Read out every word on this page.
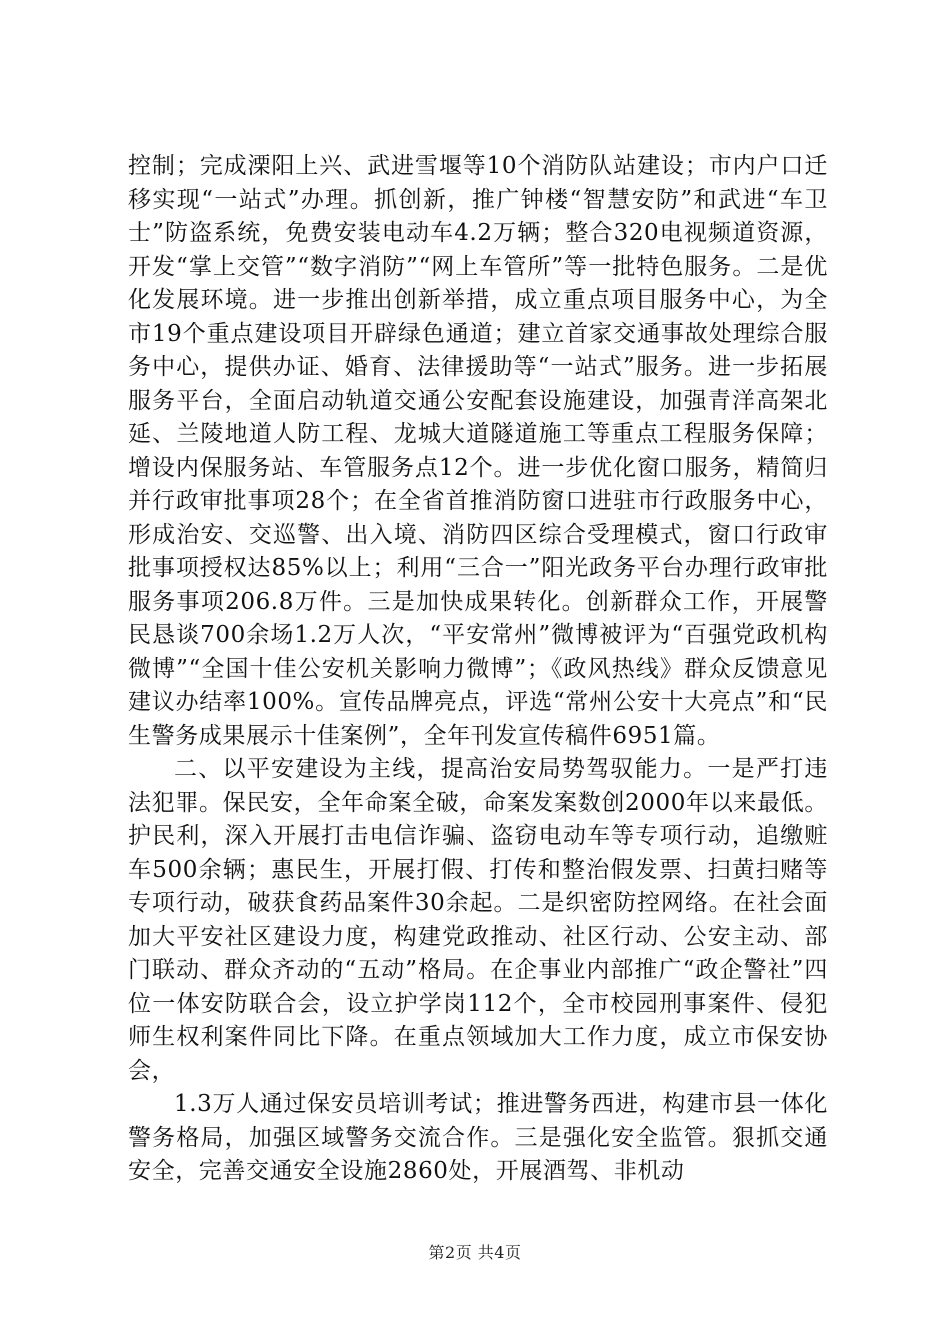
控制；完成溧阳上兴、武进雪堰等10个消防队站建设；市内户口迁移实现“一站式”办理。抓创新，推广钟楼“智慧安防”和武进“车卫士”防盗系统，免费安装电动车4.2万辆；整合320电视频道资源，开发“掌上交管”“数字消防”“网上车管所”等一批特色服务。二是优化发展环境。进一步推出创新举措，成立重点项目服务中心，为全市19个重点建设项目开辟绿色通道；建立首家交通事故处理综合服务中心，提供办证、婚育、法律援助等“一站式”服务。进一步拓展服务平台，全面启动轨道交通公安配套设施建设，加强青洋高架北延、兰陵地道人防工程、龙城大道隧道施工等重点工程服务保障；增设内保服务站、车管服务点12个。进一步优化窗口服务，精简归并行政审批事项28个；在全省首推消防窗口进驻市行政服务中心，形成治安、交巡警、出入境、消防四区综合受理模式，窗口行政审批事项授权达85%以上；利用“三合一”阳光政务平台办理行政审批服务事项206.8万件。三是加快成果转化。创新群众工作，开展警民恳谈700余场1.2万人次，“平安常州”微博被评为“百强党政机构微博”“全国十佳公安机关影响力微博”；《政风热线》群众反馈意见建议办结率100%。宣传品牌亮点，评选“常州公安十大亮点”和“民生警务成果展示十佳案例”，全年刊发宣传稿件6951篇。

二、以平安建设为主线，提高治安局势驾驭能力。一是严打违法犯罪。保民安，全年命案全破，命案发案数创2000年以来最低。护民利，深入开展打击电信诈骗、盗窃电动车等专项行动，追缴赃车500余辆；惠民生，开展打假、打传和整治假发票、扫黄扫赌等专项行动，破获食药品案件30余起。二是织密防控网络。在社会面加大平安社区建设力度，构建党政推动、社区行动、公安主动、部门联动、群众齐动的“五动”格局。在企事业内部推广“政企警社”四位一体安防联合会，设立护学岗112个，全市校园刑事案件、侵犯师生权利案件同比下降。在重点领域加大工作力度，成立市保安协会，

1.3万人通过保安员培训考试；推进警务西进，构建市县一体化警务格局，加强区域警务交流合作。三是强化安全监管。狠抓交通安全，完善交通安全设施2860处，开展酒驾、非机动

第2页 共4页
